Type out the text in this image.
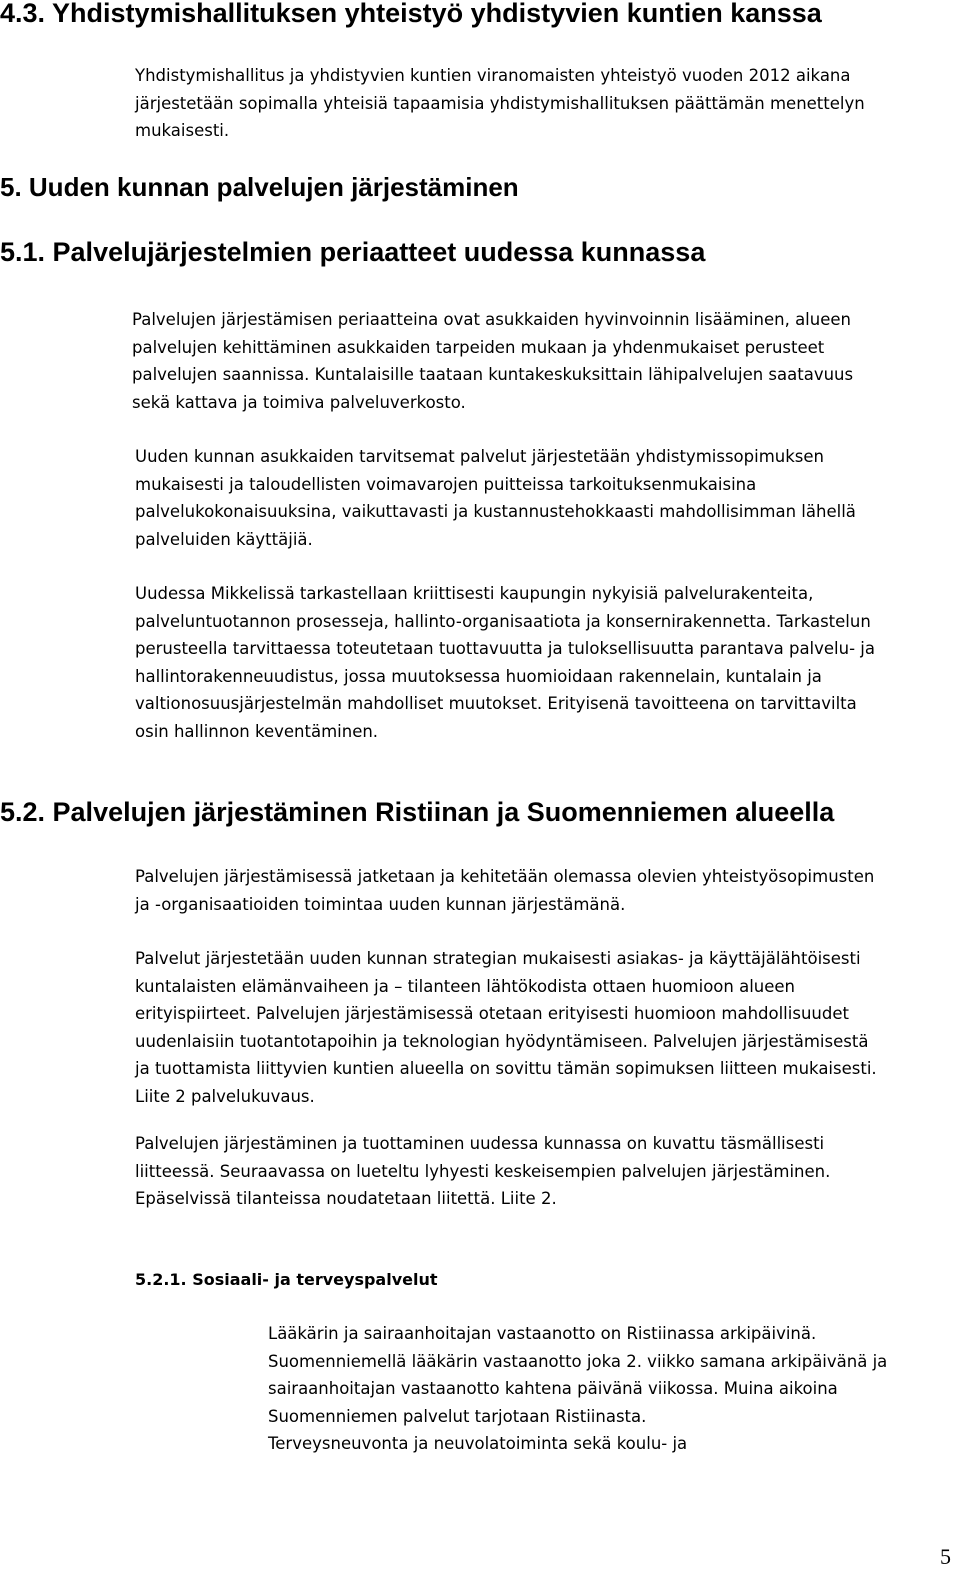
4.3. Yhdistymishallituksen yhteistyö yhdistyvien kuntien kanssa

Yhdistymishallitus ja yhdistyvien kuntien viranomaisten yhteistyö vuoden 2012 aikana
järjestetään sopimalla yhteisiä tapaamisia yhdistymishallituksen päättämän menettelyn
mukaisesti.

5. Uuden kunnan palvelujen järjestäminen
5.1. Palvelujärjestelmien periaatteet uudessa kunnassa

Palvelujen järjestämisen periaatteina ovat asukkaiden hyvinvoinnin lisääminen, alueen
palvelujen kehittäminen asukkaiden tarpeiden mukaan ja yhdenmukaiset perusteet
palvelujen saannissa. Kuntalaisille taataan kuntakeskuksittain lähipalvelujen saatavuus
sekä kattava ja toimiva palveluverkosto.

Uuden kunnan asukkaiden tarvitsemat palvelut järjestetään yhdistymissopimuksen
mukaisesti ja taloudellisten voimavarojen puitteissa tarkoituksenmukaisina
palvelukokonaisuuksina, vaikuttavasti ja kustannustehokkaasti mahdollisimman lähellä
palveluiden käyttäjiä.

Uudessa Mikkelissä tarkastellaan kriittisesti kaupungin nykyisiä palvelurakenteita,
palveluntuotannon prosesseja, hallinto-organisaatiota ja konsernirakennetta. Tarkastelun
perusteella tarvittaessa toteutetaan tuottavuutta ja tuloksellisuutta parantava palvelu- ja
hallintorakenneuudistus, jossa muutoksessa huomioidaan rakennelain, kuntalain ja
valtionosuusjärjestelmän mahdolliset muutokset. Erityisenä tavoitteena on tarvittavilta
osin hallinnon keventäminen.

5.2. Palvelujen järjestäminen Ristiinan ja Suomenniemen alueella

Palvelujen järjestämisessä jatketaan ja kehitetään olemassa olevien yhteistyösopimusten
ja -organisaatioiden toimintaa uuden kunnan järjestämänä.

Palvelut järjestetään uuden kunnan strategian mukaisesti asiakas- ja käyttäjälähtöisesti
kuntalaisten elämänvaiheen ja – tilanteen lähtökodista ottaen huomioon alueen
erityispiirteet. Palvelujen järjestämisessä otetaan erityisesti huomioon mahdollisuudet
uudenlaisiin tuotantotapoihin ja teknologian hyödyntämiseen. Palvelujen järjestämisestä
ja tuottamista liittyvien kuntien alueella on sovittu tämän sopimuksen liitteen mukaisesti.
Liite 2 palvelukuvaus.

Palvelujen järjestäminen ja tuottaminen uudessa kunnassa on kuvattu täsmällisesti
liitteessä. Seuraavassa on lueteltu lyhyesti keskeisempien palvelujen järjestäminen.
Epäselvissä tilanteissa noudatetaan liitettä. Liite 2.

5.2.1. Sosiaali- ja terveyspalvelut

Lääkärin ja sairaanhoitajan vastaanotto on Ristiinassa arkipäivinä.
Suomenniemellä lääkärin vastaanotto joka 2. viikko samana arkipäivänä ja
sairaanhoitajan vastaanotto kahtena päivänä viikossa. Muina aikoina
Suomenniemen palvelut tarjotaan Ristiinasta.
Terveysneuvonta ja neuvolatoiminta sekä koulu- ja

5
